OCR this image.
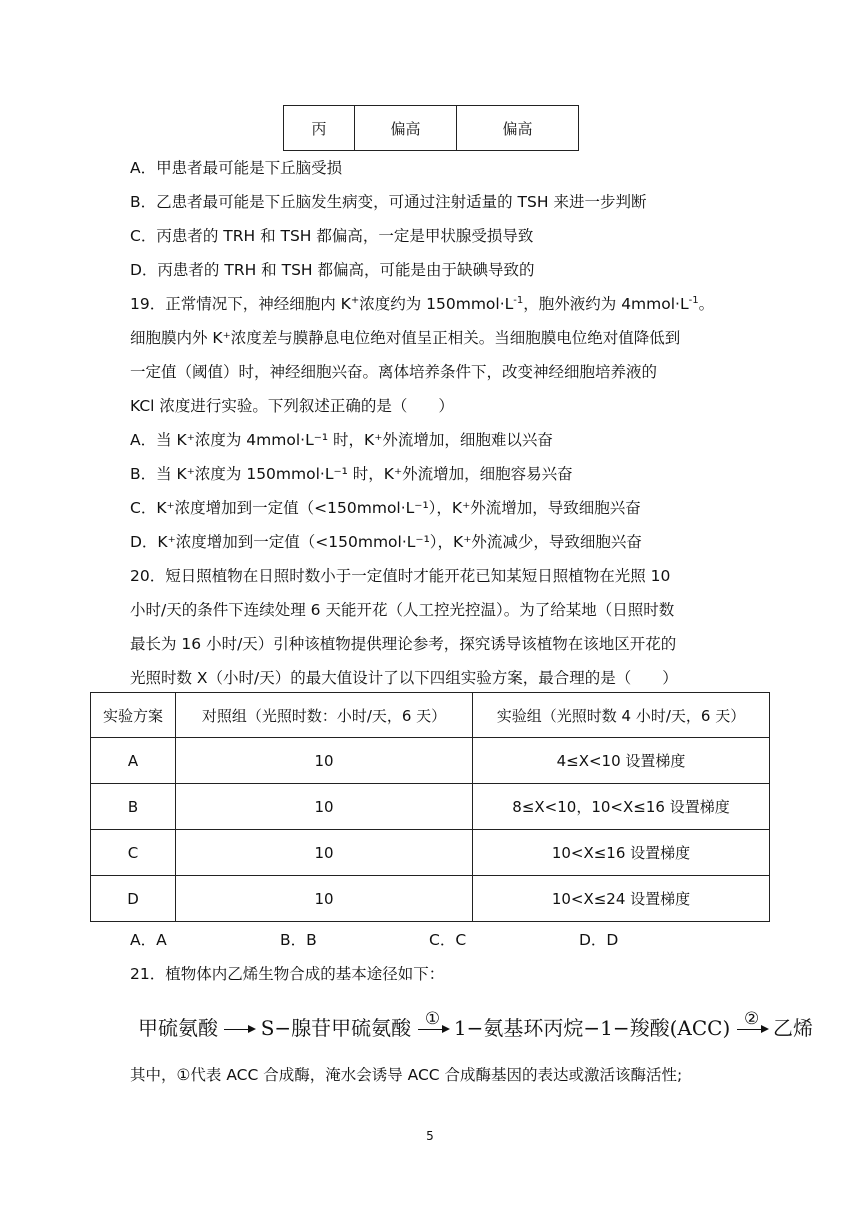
丙	偏高	偏高
A．甲患者最可能是下丘脑受损
B．乙患者最可能是下丘脑发生病变，可通过注射适量的 TSH 来进一步判断
C．丙患者的 TRH 和 TSH 都偏高，一定是甲状腺受损导致
D．丙患者的 TRH 和 TSH 都偏高，可能是由于缺碘导致的
19．正常情况下，神经细胞内 K+浓度约为 $150mmol\cdot L^{-1}$，胞外液约为 $4mmol\cdot L^{-1}$。
细胞膜内外 K⁺浓度差与膜静息电位绝对值呈正相关。当细胞膜电位绝对值降低到
一定值（阈值）时，神经细胞兴奋。离体培养条件下，改变神经细胞培养液的
KCl 浓度进行实验。下列叙述正确的是（　　）
A．当 K⁺浓度为 4mmol·L⁻¹ 时，K⁺外流增加，细胞难以兴奋
B．当 K⁺浓度为 150mmol·L⁻¹ 时，K⁺外流增加，细胞容易兴奋
C．K⁺浓度增加到一定值（<150mmol·L⁻¹），K⁺外流增加，导致细胞兴奋
D．K⁺浓度增加到一定值（<150mmol·L⁻¹），K⁺外流减少，导致细胞兴奋
20．短日照植物在日照时数小于一定值时才能开花已知某短日照植物在光照 10
小时/天的条件下连续处理 6 天能开花（人工控光控温）。为了给某地（日照时数
最长为 16 小时/天）引种该植物提供理论参考，探究诱导该植物在该地区开花的
光照时数 X（小时/天）的最大值设计了以下四组实验方案，最合理的是（　　）
实验方案	对照组（光照时数：小时/天，6 天）	实验组（光照时数 4 小时/天，6 天）
A	10	4≤X<10 设置梯度
B	10	8≤X<10，10<X≤16 设置梯度
C	10	10<X≤16 设置梯度
D	10	10<X≤24 设置梯度
A．A	B．B	C．C	D．D
21．植物体内乙烯生物合成的基本途径如下：
甲硫氨酸 S−腺苷甲硫氨酸 ① 1−氨基环丙烷−1−羧酸(ACC) ② 乙烯
其中，①代表 ACC 合成酶，淹水会诱导 ACC 合成酶基因的表达或激活该酶活性;
5
